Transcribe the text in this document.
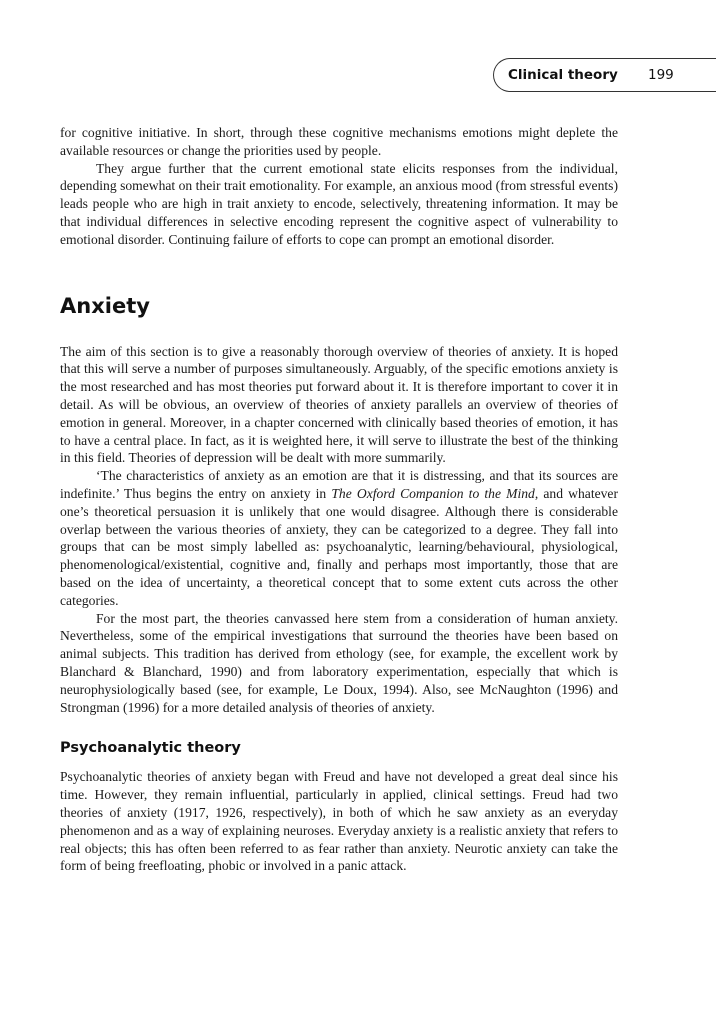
Clinical theory 199

for cognitive initiative. In short, through these cognitive mechanisms emotions might deplete the available resources or change the priorities used by people.

They argue further that the current emotional state elicits responses from the individual, depending somewhat on their trait emotionality. For example, an anxious mood (from stressful events) leads people who are high in trait anxiety to encode, selectively, threatening information. It may be that individual differences in selective encoding represent the cognitive aspect of vulnerability to emotional disorder. Continuing failure of efforts to cope can prompt an emotional disorder.

Anxiety

The aim of this section is to give a reasonably thorough overview of theories of anxiety. It is hoped that this will serve a number of purposes simultaneously. Arguably, of the specific emotions anxiety is the most researched and has most theories put forward about it. It is therefore important to cover it in detail. As will be obvious, an overview of theories of anxiety parallels an overview of theories of emotion in general. Moreover, in a chapter concerned with clinically based theories of emotion, it has to have a central place. In fact, as it is weighted here, it will serve to illustrate the best of the thinking in this field. Theories of depression will be dealt with more summarily.

‘The characteristics of anxiety as an emotion are that it is distressing, and that its sources are indefinite.’ Thus begins the entry on anxiety in The Oxford Companion to the Mind, and whatever one’s theoretical persuasion it is unlikely that one would disagree. Although there is considerable overlap between the various theories of anxiety, they can be categorized to a degree. They fall into groups that can be most simply labelled as: psychoanalytic, learning/behavioural, physiological, phenomenological/existential, cognitive and, finally and perhaps most importantly, those that are based on the idea of uncertainty, a theoretical concept that to some extent cuts across the other categories.

For the most part, the theories canvassed here stem from a consideration of human anxiety. Nevertheless, some of the empirical investigations that surround the theories have been based on animal subjects. This tradition has derived from ethology (see, for example, the excellent work by Blanchard & Blanchard, 1990) and from laboratory experimentation, especially that which is neurophysiologically based (see, for example, Le Doux, 1994). Also, see McNaughton (1996) and Strongman (1996) for a more detailed analysis of theories of anxiety.

Psychoanalytic theory

Psychoanalytic theories of anxiety began with Freud and have not developed a great deal since his time. However, they remain influential, particularly in applied, clinical settings. Freud had two theories of anxiety (1917, 1926, respectively), in both of which he saw anxiety as an everyday phenomenon and as a way of explaining neuroses. Everyday anxiety is a realistic anxiety that refers to real objects; this has often been referred to as fear rather than anxiety. Neurotic anxiety can take the form of being freefloating, phobic or involved in a panic attack.
